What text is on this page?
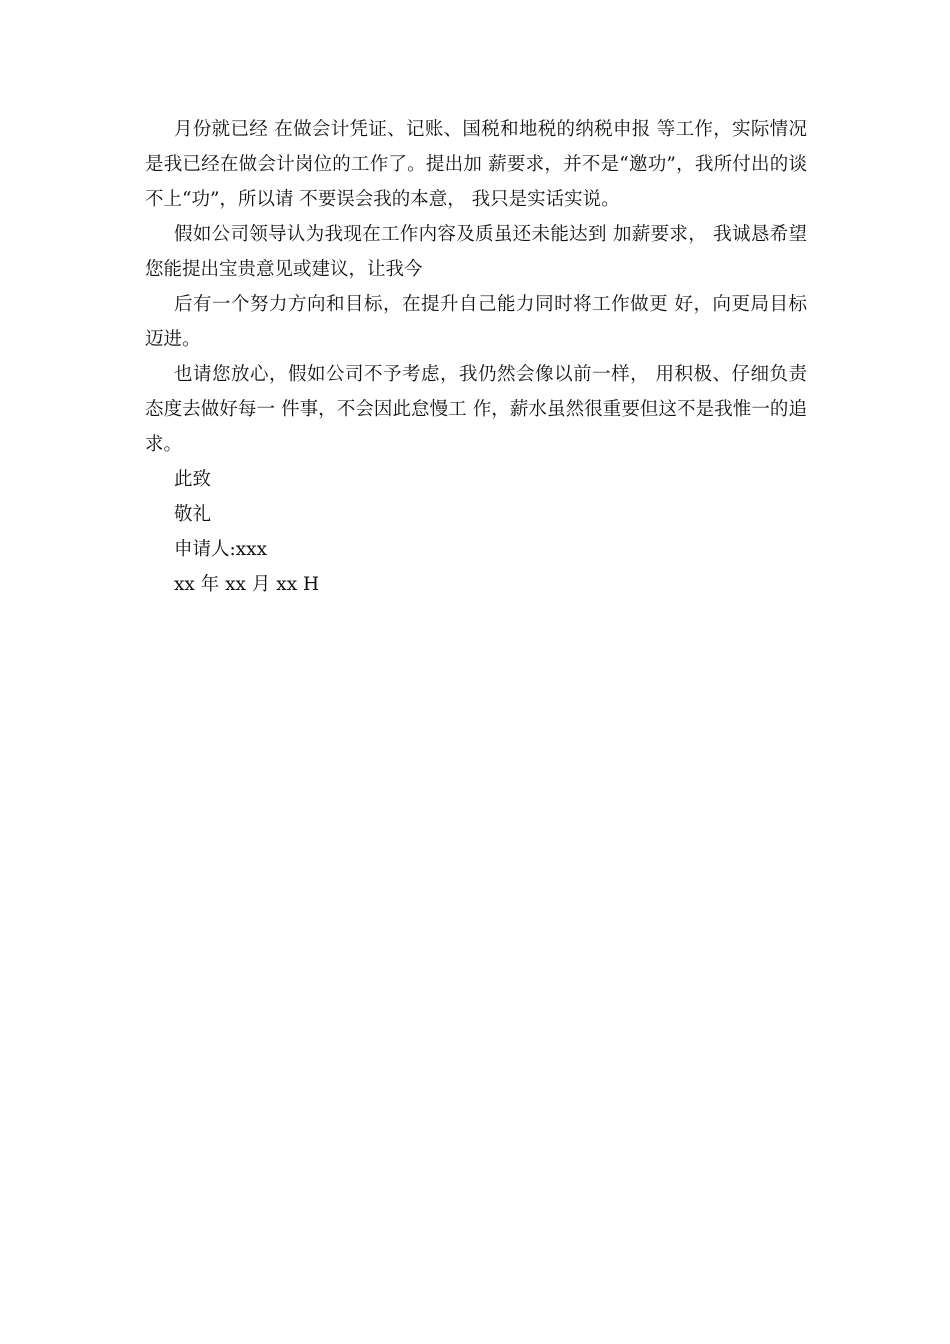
月份就已经 在做会计凭证、记账、国税和地税的纳税申报 等工作，实际情况是我已经在做会计岗位的工作了。提出加 薪要求，并不是“邀功”，我所付出的谈不上“功”，所以请 不要误会我的本意， 我只是实话实说。

假如公司领导认为我现在工作内容及质虽还未能达到 加薪要求， 我诚恳希望您能提出宝贵意见或建议，让我今

后有一个努力方向和目标，在提升自己能力同时将工作做更 好，向更局目标迈进。

也请您放心，假如公司不予考虑，我仍然会像以前一样， 用积极、仔细负责态度去做好每一 件事，不会因此怠慢工 作，薪水虽然很重要但这不是我惟一的追求。

此致

敬礼

申请人:xxx

xx 年 xx 月 xx H
